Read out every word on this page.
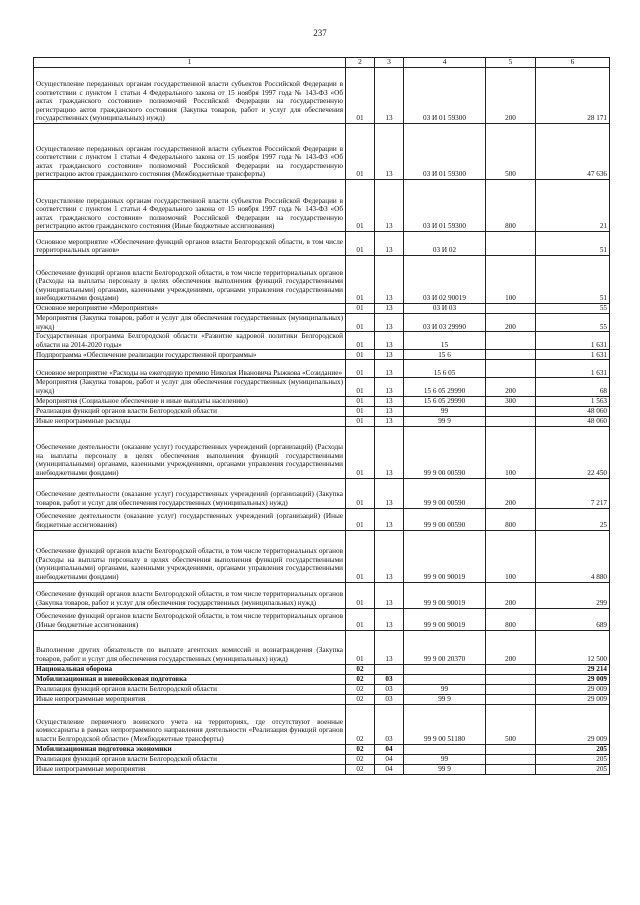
237
1	2	3	4	5	6
Осуществление переданных органам государственной власти субъектов Российской Федерации в соответствии с пунктом 1 статьи 4 Федерального закона от 15 ноября 1997 года № 143-ФЗ «Об актах гражданского состояния» полномочий Российской Федерации на государственную регистрацию актов гражданского состояния (Закупка товаров, работ и услуг для обеспечения государственных (муниципальных) нужд)	01	13	03 И 01 59300	200	28 171
Осуществление переданных органам государственной власти субъектов Российской Федерации в соответствии с пунктом 1 статьи 4 Федерального закона от 15 ноября 1997 года № 143-ФЗ «Об актах гражданского состояния» полномочий Российской Федерации на государственную регистрацию актов гражданского состояния (Межбюджетные трансферты)	01	13	03 И 01 59300	500	47 636
Осуществление переданных органам государственной власти субъектов Российской Федерации в соответствии с пунктом 1 статьи 4 Федерального закона от 15 ноября 1997 года № 143-ФЗ «Об актах гражданского состояния» полномочий Российской Федерации на государственную регистрацию актов гражданского состояния (Иные бюджетные ассигнования)	01	13	03 И 01 59300	800	21
Основное мероприятие «Обеспечение функций органов власти Белгородской области, в том числе территориальных органов»	01	13	03 И 02		51
Обеспечение функций органов власти Белгородской области, в том числе территориальных органов (Расходы на выплаты персоналу в целях обеспечения выполнения функций государственными (муниципальными) органами, казенными учреждениями, органами управления государственными внебюджетными фондами)	01	13	03 И 02 90019	100	51
Основное мероприятие «Мероприятия»	01	13	03 И 03		55
Мероприятия (Закупка товаров, работ и услуг для обеспечения государственных (муниципальных) нужд)	01	13	03 И 03 29990	200	55
Государственная программа Белгородской области «Развитие кадровой политики Белгородской области на 2014-2020 годы»	01	13	15		1 631
Подпрограмма «Обеспечение реализации государственной программы»	01	13	15 6		1 631
Основное мероприятие «Расходы на ежегодную премию Николая Ивановича Рыжкова «Созидание»	01	13	15 6 05		1 631
Мероприятия (Закупка товаров, работ и услуг для обеспечения государственных (муниципальных) нужд)	01	13	15 6 05 29990	200	68
Мероприятия (Социальное обеспечение и иные выплаты населению)	01	13	15 6 05 29990	300	1 563
Реализация функций органов власти Белгородской области	01	13	99		48 060
Иные непрограммные расходы	01	13	99 9		48 060
Обеспечение деятельности (оказание услуг) государственных учреждений (организаций) (Расходы на выплаты персоналу в целях обеспечения выполнения функций государственными (муниципальными) органами, казенными учреждениями, органами управления государственными внебюджетными фондами)	01	13	99 9 00 00590	100	22 450
Обеспечение деятельности (оказание услуг) государственных учреждений (организаций) (Закупка товаров, работ и услуг для обеспечения государственных (муниципальных) нужд)	01	13	99 9 00 00590	200	7 217
Обеспечение деятельности (оказание услуг) государственных учреждений (организаций) (Иные бюджетные ассигнования)	01	13	99 9 00 00590	800	25
Обеспечение функций органов власти Белгородской области, в том числе территориальных органов (Расходы на выплаты персоналу в целях обеспечения выполнения функций государственными (муниципальными) органами, казенными учреждениями, органами управления государственными внебюджетными фондами)	01	13	99 9 00 90019	100	4 880
Обеспечение функций органов власти Белгородской области, в том числе территориальных органов (Закупка товаров, работ и услуг для обеспечения государственных (муниципальных) нужд)	01	13	99 9 00 90019	200	299
Обеспечение функций органов власти Белгородской области, в том числе территориальных органов (Иные бюджетные ассигнования)	01	13	99 9 00 90019	800	689
Выполнение других обязательств по выплате агентских комиссий и вознаграждения (Закупка товаров, работ и услуг для обеспечения государственных (муниципальных) нужд)	01	13	99 9 00 20370	200	12 500
Национальная оборона	02				29 214
Мобилизационная и вневойсковая подготовка	02	03			29 009
Реализация функций органов власти Белгородской области	02	03	99		29 009
Иные непрограммные мероприятия	02	03	99 9		29 009
Осуществление первичного воинского учета на территориях, где отсутствуют военные комиссариаты в рамках непрограммного направления деятельности «Реализация функций органов власти Белгородской области» (Межбюджетные трансферты)	02	03	99 9 00 51180	500	29 009
Мобилизационная подготовка экономики	02	04			205
Реализация функций органов власти Белгородской области	02	04	99		205
Иные непрограммные мероприятия	02	04	99 9		205
